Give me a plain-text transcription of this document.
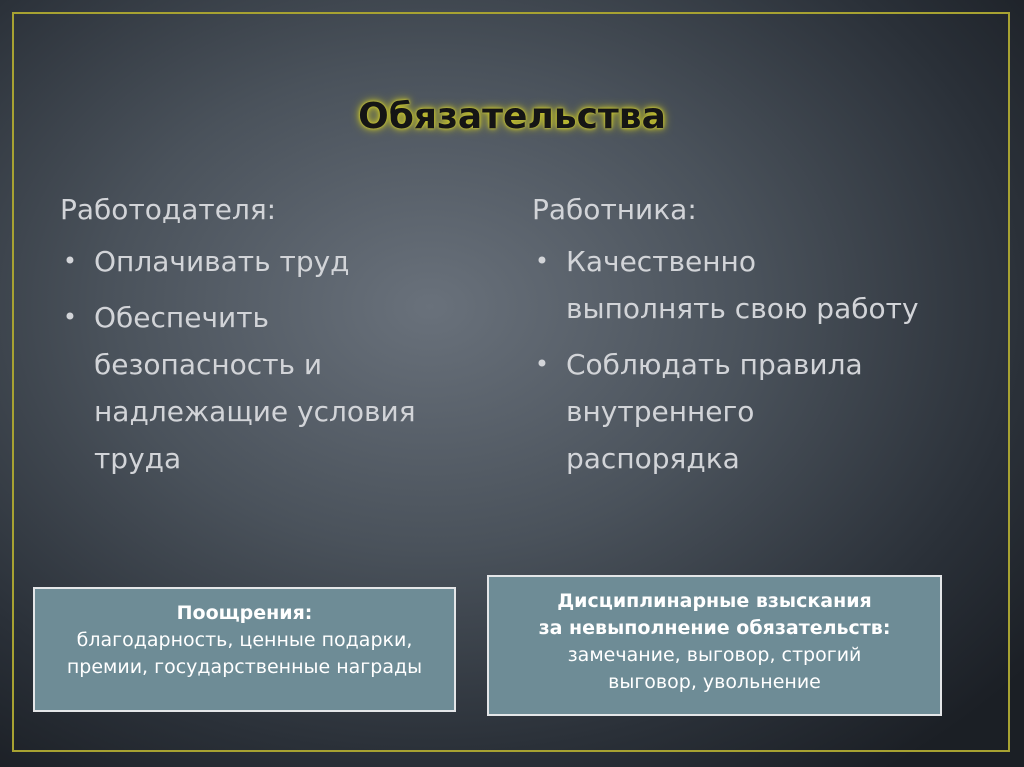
Обязательства
Работодателя:
• Оплачивать труд
• Обеспечить
безопасность и
надлежащие условия
труда
Работника:
• Качественно
выполнять свою работу
• Соблюдать правила
внутреннего
распорядка
Поощрения:
благодарность, ценные подарки,
премии, государственные награды
Дисциплинарные взыскания
за невыполнение обязательств:
замечание, выговор, строгий
выговор, увольнение
